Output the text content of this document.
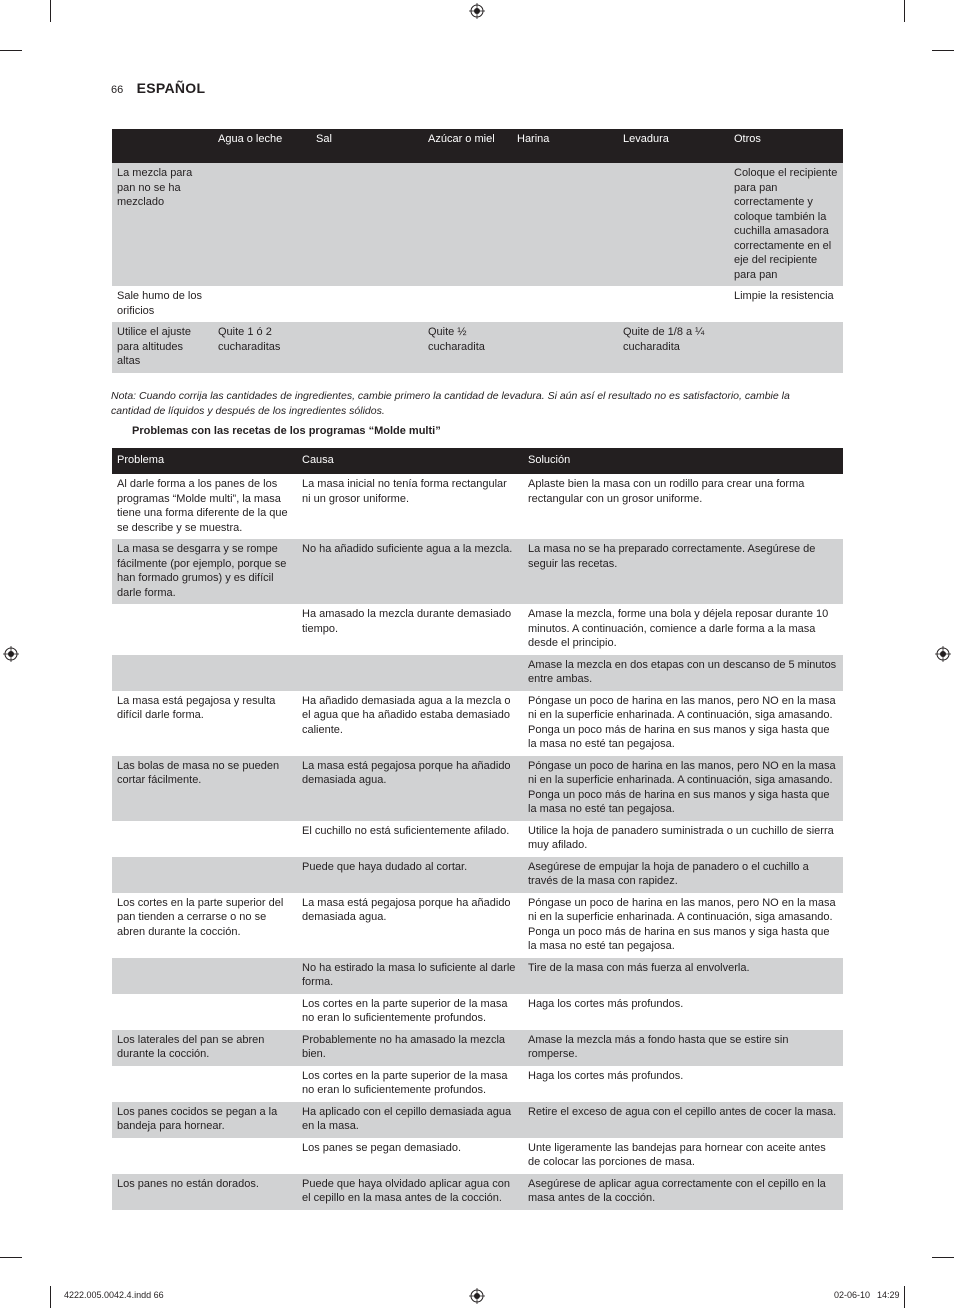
66 ESPAÑOL
	Agua o leche	Sal	Azúcar o miel	Harina	Levadura	Otros
La mezcla para pan no se ha mezclado						Coloque el recipiente para pan correctamente y coloque también la cuchilla amasadora correctamente en el eje del recipiente para pan
Sale humo de los orificios						Limpie la resistencia
Utilice el ajuste para altitudes altas	Quite 1 ó 2 cucharaditas		Quite ½ cucharadita		Quite de 1/8 a ¼ cucharadita	
Nota: Cuando corrija las cantidades de ingredientes, cambie primero la cantidad de levadura. Si aún así el resultado no es satisfactorio, cambie la cantidad de líquidos y después de los ingredientes sólidos.
Problemas con las recetas de los programas “Molde multi”
Problema	Causa	Solución
Al darle forma a los panes de los programas “Molde multi”, la masa tiene una forma diferente de la que se describe y se muestra.	La masa inicial no tenía forma rectangular ni un grosor uniforme.	Aplaste bien la masa con un rodillo para crear una forma rectangular con un grosor uniforme.
La masa se desgarra y se rompe fácilmente (por ejemplo, porque se han formado grumos) y es difícil darle forma.	No ha añadido suficiente agua a la mezcla.	La masa no se ha preparado correctamente. Asegúrese de seguir las recetas.
	Ha amasado la mezcla durante demasiado tiempo.	Amase la mezcla, forme una bola y déjela reposar durante 10 minutos. A continuación, comience a darle forma a la masa desde el principio.
		Amase la mezcla en dos etapas con un descanso de 5 minutos entre ambas.
La masa está pegajosa y resulta difícil darle forma.	Ha añadido demasiada agua a la mezcla o el agua que ha añadido estaba demasiado caliente.	Póngase un poco de harina en las manos, pero NO en la masa ni en la superficie enharinada. A continuación, siga amasando. Ponga un poco más de harina en sus manos y siga hasta que la masa no esté tan pegajosa.
Las bolas de masa no se pueden cortar fácilmente.	La masa está pegajosa porque ha añadido demasiada agua.	Póngase un poco de harina en las manos, pero NO en la masa ni en la superficie enharinada. A continuación, siga amasando. Ponga un poco más de harina en sus manos y siga hasta que la masa no esté tan pegajosa.
	El cuchillo no está suficientemente afilado.	Utilice la hoja de panadero suministrada o un cuchillo de sierra muy afilado.
	Puede que haya dudado al cortar.	Asegúrese de empujar la hoja de panadero o el cuchillo a través de la masa con rapidez.
Los cortes en la parte superior del pan tienden a cerrarse o no se abren durante la cocción.	La masa está pegajosa porque ha añadido demasiada agua.	Póngase un poco de harina en las manos, pero NO en la masa ni en la superficie enharinada. A continuación, siga amasando. Ponga un poco más de harina en sus manos y siga hasta que la masa no esté tan pegajosa.
	No ha estirado la masa lo suficiente al darle forma.	Tire de la masa con más fuerza al envolverla.
	Los cortes en la parte superior de la masa no eran lo suficientemente profundos.	Haga los cortes más profundos.
Los laterales del pan se abren durante la cocción.	Probablemente no ha amasado la mezcla bien.	Amase la mezcla más a fondo hasta que se estire sin romperse.
	Los cortes en la parte superior de la masa no eran lo suficientemente profundos.	Haga los cortes más profundos.
Los panes cocidos se pegan a la bandeja para hornear.	Ha aplicado con el cepillo demasiada agua en la masa.	Retire el exceso de agua con el cepillo antes de cocer la masa.
	Los panes se pegan demasiado.	Unte ligeramente las bandejas para hornear con aceite antes de colocar las porciones de masa.
Los panes no están dorados.	Puede que haya olvidado aplicar agua con el cepillo en la masa antes de la cocción.	Asegúrese de aplicar agua correctamente con el cepillo en la masa antes de la cocción.
4222.005.0042.4.indd 66	02-06-10 14:29
